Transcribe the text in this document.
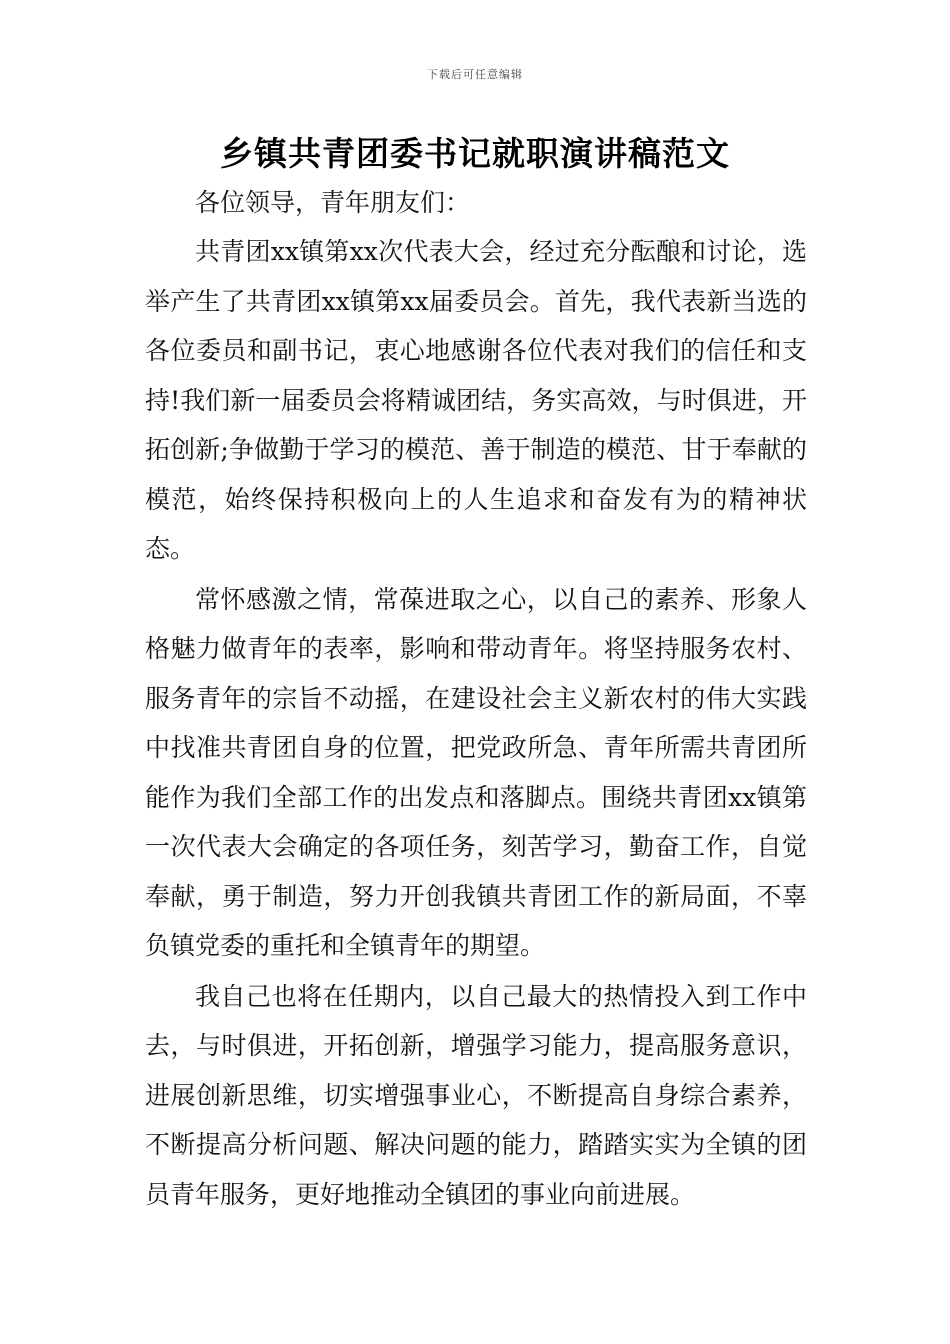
下载后可任意编辑
乡镇共青团委书记就职演讲稿范文

各位领导，青年朋友们：

共青团xx镇第xx次代表大会，经过充分酝酿和讨论，选举产生了共青团xx镇第xx届委员会。首先，我代表新当选的各位委员和副书记，衷心地感谢各位代表对我们的信任和支持!我们新一届委员会将精诚团结，务实高效，与时俱进，开拓创新;争做勤于学习的模范、善于制造的模范、甘于奉献的模范，始终保持积极向上的人生追求和奋发有为的精神状态。

常怀感激之情，常葆进取之心，以自己的素养、形象人格魅力做青年的表率，影响和带动青年。将坚持服务农村、服务青年的宗旨不动摇，在建设社会主义新农村的伟大实践中找准共青团自身的位置，把党政所急、青年所需共青团所能作为我们全部工作的出发点和落脚点。围绕共青团xx镇第一次代表大会确定的各项任务，刻苦学习，勤奋工作，自觉奉献，勇于制造，努力开创我镇共青团工作的新局面，不辜负镇党委的重托和全镇青年的期望。

我自己也将在任期内，以自己最大的热情投入到工作中去，与时俱进，开拓创新，增强学习能力，提高服务意识，进展创新思维，切实增强事业心，不断提高自身综合素养，不断提高分析问题、解决问题的能力，踏踏实实为全镇的团员青年服务，更好地推动全镇团的事业向前进展。
